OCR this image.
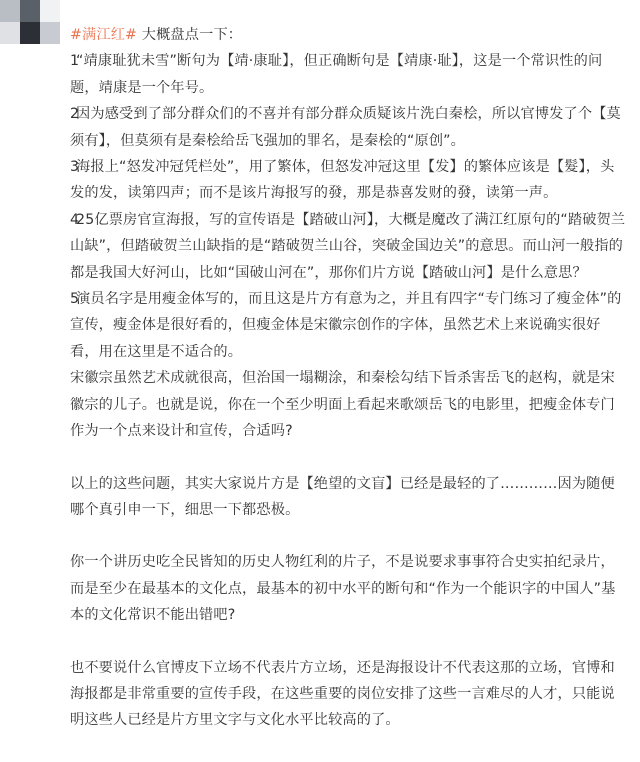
#满江红# 大概盘点一下：

1“靖康耻犹未雪”断句为【靖·康耻】，但正确断句是【靖康·耻】，这是一个常识性的问题，靖康是一个年号。

2因为感受到了部分群众们的不喜并有部分群众质疑该片洗白秦桧，所以官博发了个【莫须有】，但莫须有是秦桧给岳飞强加的罪名，是秦桧的“原创”。

3海报上“怒发冲冠凭栏处”，用了繁体，但怒发冲冠这里【发】的繁体应该是【髮】，头发的发，读第四声；而不是该片海报写的發，那是恭喜发财的發，读第一声。

425亿票房官宣海报，写的宣传语是【踏破山河】，大概是魔改了满江红原句的“踏破贺兰山缺”，但踏破贺兰山缺指的是“踏破贺兰山谷，突破金国边关”的意思。而山河一般指的都是我国大好河山，比如“国破山河在”，那你们片方说【踏破山河】是什么意思？

5演员名字是用瘦金体写的，而且这是片方有意为之，并且有四字“专门练习了瘦金体”的宣传，瘦金体是很好看的，但瘦金体是宋徽宗创作的字体，虽然艺术上来说确实很好看，用在这里是不适合的。

宋徽宗虽然艺术成就很高，但治国一塌糊涂，和秦桧勾结下旨杀害岳飞的赵构，就是宋徽宗的儿子。也就是说，你在一个至少明面上看起来歌颂岳飞的电影里，把瘦金体专门作为一个点来设计和宣传，合适吗?

以上的这些问题，其实大家说片方是【绝望的文盲】已经是最轻的了…………因为随便哪个真引申一下，细思一下都恐极。

你一个讲历史吃全民皆知的历史人物红利的片子，不是说要求事事符合史实拍纪录片，而是至少在最基本的文化点，最基本的初中水平的断句和“作为一个能识字的中国人”基本的文化常识不能出错吧?

也不要说什么官博皮下立场不代表片方立场，还是海报设计不代表这那的立场，官博和海报都是非常重要的宣传手段，在这些重要的岗位安排了这些一言难尽的人才，只能说明这些人已经是片方里文字与文化水平比较高的了。
